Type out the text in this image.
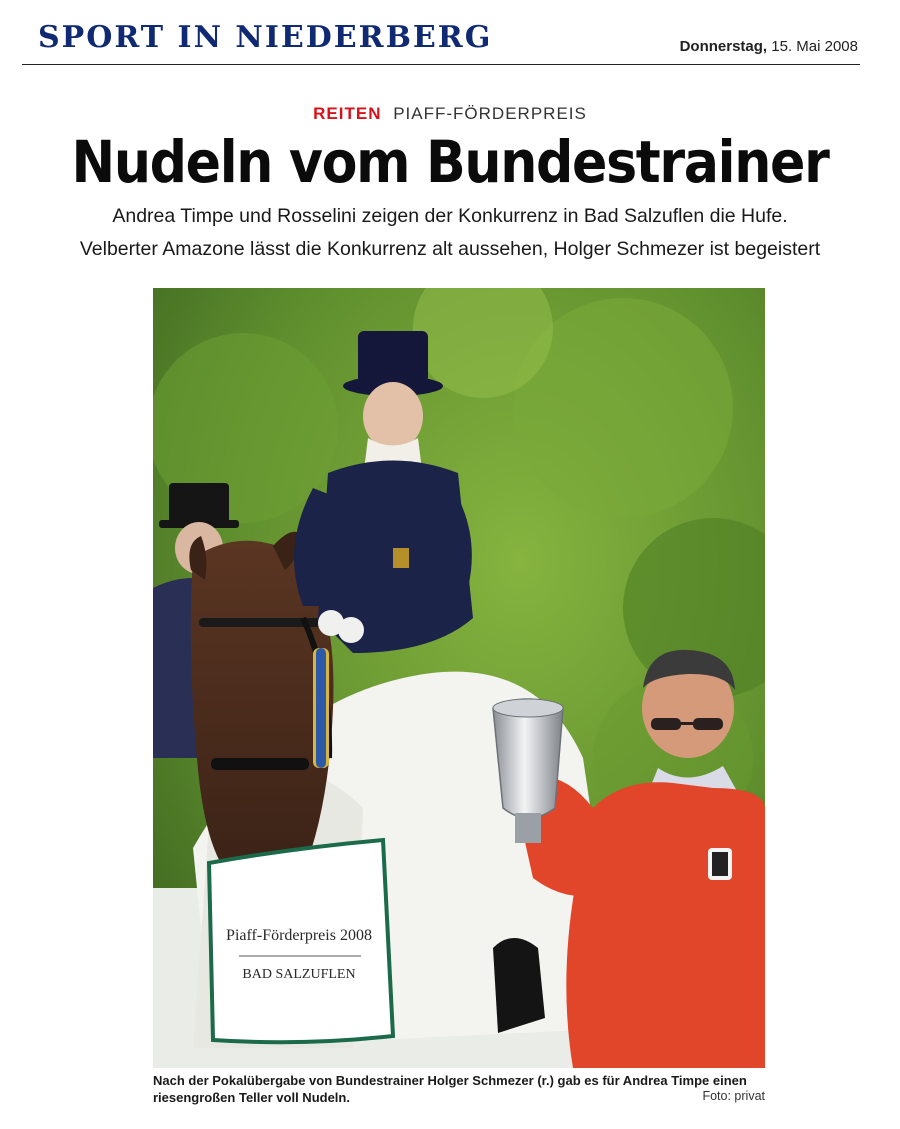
SPORT IN NIEDERBERG	Donnerstag, 15. Mai 2008
REITEN PIAFF-FÖRDERPREIS
Nudeln vom Bundestrainer
Andrea Timpe und Rosselini zeigen der Konkurrenz in Bad Salzuflen die Hufe.
Velberter Amazone lässt die Konkurrenz alt aussehen, Holger Schmezer ist begeistert
Piaff-Förderpreis 2008
BAD SALZUFLEN
Nach der Pokalübergabe von Bundestrainer Holger Schmezer (r.) gab es für Andrea Timpe einen riesengroßen Teller voll Nudeln.	Foto: privat
